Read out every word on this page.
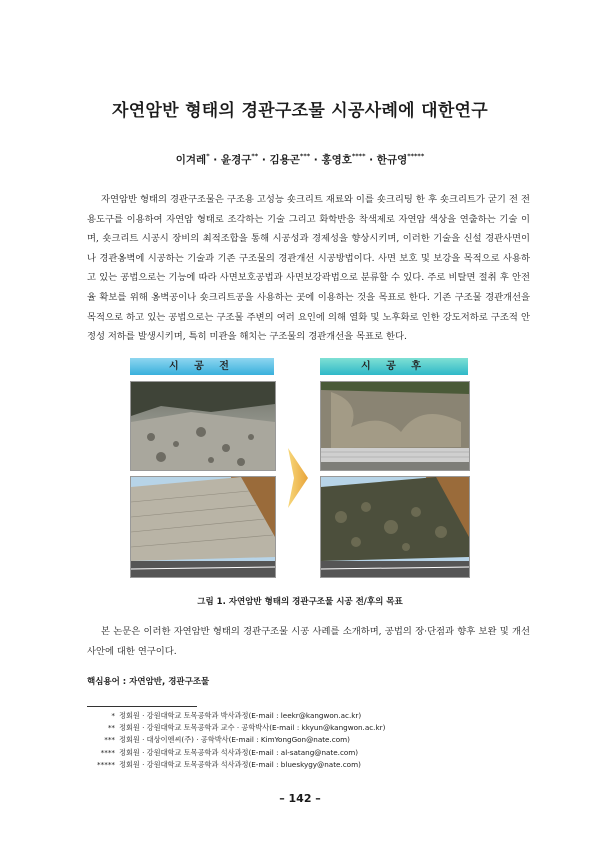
자연암반 형태의 경관구조물 시공사례에 대한연구
이겨레* · 윤경구** · 김용곤*** · 홍영호**** · 한규영*****

자연암반 형태의 경관구조물은 구조용 고성능 숏크리트 재료와 이를 숏크리팅 한 후 숏크리트가 굳기 전 전용도구를 이용하여 자연암 형태로 조각하는 기술 그리고 화학반응 착색제로 자연암 색상을 연출하는 기술 이며, 숏크리트 시공시 장비의 최적조합을 통해 시공성과 경제성을 향상시키며, 이러한 기술을 신설 경관사면이나 경관옹벽에 시공하는 기술과 기존 구조물의 경관개선 시공방법이다. 사면 보호 및 보강을 목적으로 사용하고 있는 공법으로는 기능에 따라 사면보호공법과 사면보강곽법으로 분류할 수 있다. 주로 비탈면 절취 후 안전율 확보를 위해 옹벽공이나 숏크리트공을 사용하는 곳에 이용하는 것을 목표로 한다. 기존 구조물 경관개선을 목적으로 하고 있는 공법으로는 구조물 주변의 여러 요인에 의해 열화 및 노후화로 인한 강도저하로 구조적 안정성 저하를 발생시키며, 특히 미관을 해치는 구조물의 경관개선을 목표로 한다.

시 공 전	시 공 후
그림 1. 자연암반 형태의 경관구조물 시공 전/후의 목표

본 논문은 이러한 자연암반 형태의 경관구조물 시공 사례를 소개하며, 공법의 장·단점과 향후 보완 및 개선 사안에 대한 연구이다.

핵심용어 : 자연암반, 경관구조물
* 정회원 · 강원대학교 토목공학과 박사과정(E-mail : leekr@kangwon.ac.kr)
** 정회원 · 강원대학교 토목공학과 교수 · 공학박사(E-mail : kkyun@kangwon.ac.kr)
*** 정회원 · 대상이엔씨(주) · 공학박사(E-mail : KimYongGon@nate.com)
**** 정회원 · 강원대학교 토목공학과 석사과정(E-mail : al-satang@nate.com)
***** 정회원 · 강원대학교 토목공학과 석사과정(E-mail : blueskygy@nate.com)
– 142 –
